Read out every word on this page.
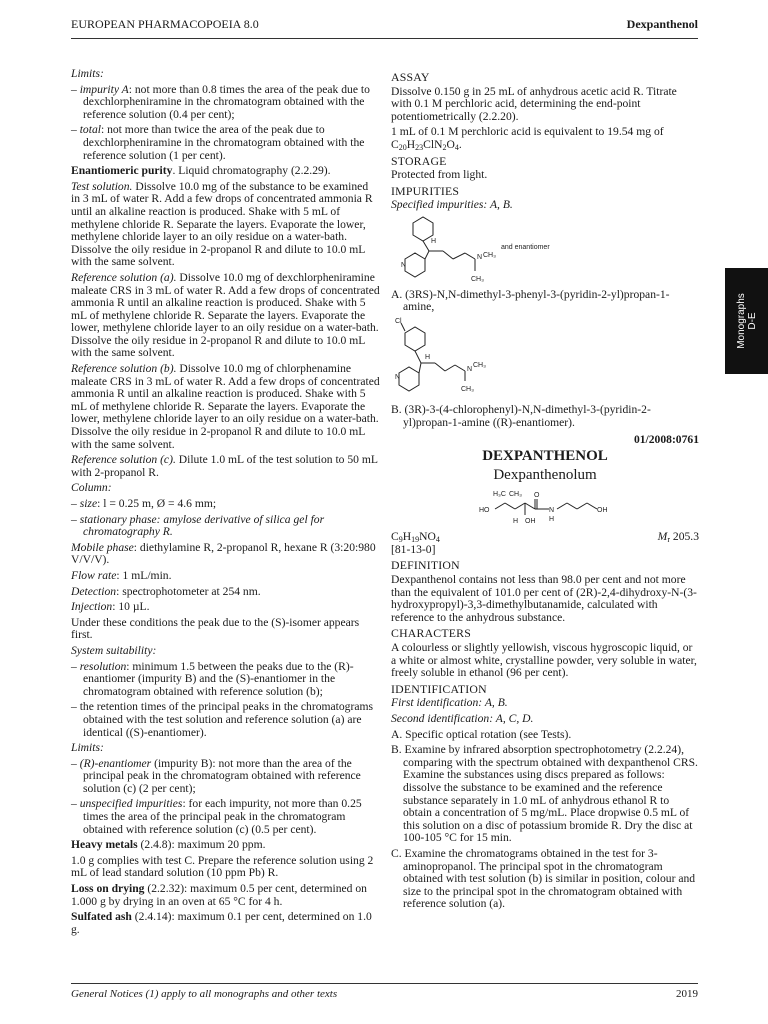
EUROPEAN PHARMACOPOEIA 8.0	Dexpanthenol
Monographs
D-E

Limits:

– impurity A: not more than 0.8 times the area of the peak due to dexchlorpheniramine in the chromatogram obtained with the reference solution (0.4 per cent);

– total: not more than twice the area of the peak due to dexchlorpheniramine in the chromatogram obtained with the reference solution (1 per cent).

Enantiomeric purity. Liquid chromatography (2.2.29).

Test solution. Dissolve 10.0 mg of the substance to be examined in 3 mL of water R. Add a few drops of concentrated ammonia R until an alkaline reaction is produced. Shake with 5 mL of methylene chloride R. Separate the layers. Evaporate the lower, methylene chloride layer to an oily residue on a water-bath. Dissolve the oily residue in 2-propanol R and dilute to 10.0 mL with the same solvent.

Reference solution (a). Dissolve 10.0 mg of dexchlorpheniramine maleate CRS in 3 mL of water R. Add a few drops of concentrated ammonia R until an alkaline reaction is produced. Shake with 5 mL of methylene chloride R. Separate the layers. Evaporate the lower, methylene chloride layer to an oily residue on a water-bath. Dissolve the oily residue in 2-propanol R and dilute to 10.0 mL with the same solvent.

Reference solution (b). Dissolve 10.0 mg of chlorphenamine maleate CRS in 3 mL of water R. Add a few drops of concentrated ammonia R until an alkaline reaction is produced. Shake with 5 mL of methylene chloride R. Separate the layers. Evaporate the lower, methylene chloride layer to an oily residue on a water-bath. Dissolve the oily residue in 2-propanol R and dilute to 10.0 mL with the same solvent.

Reference solution (c). Dilute 1.0 mL of the test solution to 50 mL with 2-propanol R.

Column:

– size: l = 0.25 m, Ø = 4.6 mm;

– stationary phase: amylose derivative of silica gel for chromatography R.

Mobile phase: diethylamine R, 2-propanol R, hexane R (3:20:980 V/V/V).

Flow rate: 1 mL/min.

Detection: spectrophotometer at 254 nm.

Injection: 10 µL.

Under these conditions the peak due to the (S)-isomer appears first.

System suitability:

– resolution: minimum 1.5 between the peaks due to the (R)-enantiomer (impurity B) and the (S)-enantiomer in the chromatogram obtained with reference solution (b);

– the retention times of the principal peaks in the chromatograms obtained with the test solution and reference solution (a) are identical ((S)-enantiomer).

Limits:

– (R)-enantiomer (impurity B): not more than the area of the principal peak in the chromatogram obtained with reference solution (c) (2 per cent);

– unspecified impurities: for each impurity, not more than 0.25 times the area of the principal peak in the chromatogram obtained with reference solution (c) (0.5 per cent).

Heavy metals (2.4.8): maximum 20 ppm.

1.0 g complies with test C. Prepare the reference solution using 2 mL of lead standard solution (10 ppm Pb) R.

Loss on drying (2.2.32): maximum 0.5 per cent, determined on 1.000 g by drying in an oven at 65 °C for 4 h.

Sulfated ash (2.4.14): maximum 0.1 per cent, determined on 1.0 g.

ASSAY

Dissolve 0.150 g in 25 mL of anhydrous acetic acid R. Titrate with 0.1 M perchloric acid, determining the end-point potentiometrically (2.2.20).

1 mL of 0.1 M perchloric acid is equivalent to 19.54 mg of $C_{20}H_{23}ClN_2O_4$.

STORAGE

Protected from light.

IMPURITIES

Specified impurities: A, B.

H
N
N CH₃
CH₃
and enantiomer

A. (3RS)-N,N-dimethyl-3-phenyl-3-(pyridin-2-yl)propan-1-amine,

Cl
H
N
N
CH₃
CH₃

B. (3R)-3-(4-chlorophenyl)-N,N-dimethyl-3-(pyridin-2-yl)propan-1-amine ((R)-enantiomer).

01/2008:0761
DEXPANTHENOL
Dexpanthenolum
HO
H₃C CH₃ O
N
H
H OH
OH
$C_9H_{19}NO_4$	$M_r$ 205.3

[81-13-0]

DEFINITION

Dexpanthenol contains not less than 98.0 per cent and not more than the equivalent of 101.0 per cent of (2R)-2,4-dihydroxy-N-(3-hydroxypropyl)-3,3-dimethylbutanamide, calculated with reference to the anhydrous substance.

CHARACTERS

A colourless or slightly yellowish, viscous hygroscopic liquid, or a white or almost white, crystalline powder, very soluble in water, freely soluble in ethanol (96 per cent).

IDENTIFICATION

First identification: A, B.

Second identification: A, C, D.

A. Specific optical rotation (see Tests).

B. Examine by infrared absorption spectrophotometry (2.2.24), comparing with the spectrum obtained with dexpanthenol CRS. Examine the substances using discs prepared as follows: dissolve the substance to be examined and the reference substance separately in 1.0 mL of anhydrous ethanol R to obtain a concentration of 5 mg/mL. Place dropwise 0.5 mL of this solution on a disc of potassium bromide R. Dry the disc at 100-105 °C for 15 min.

C. Examine the chromatograms obtained in the test for 3-aminopropanol. The principal spot in the chromatogram obtained with test solution (b) is similar in position, colour and size to the principal spot in the chromatogram obtained with reference solution (a).

General Notices (1) apply to all monographs and other texts	2019
